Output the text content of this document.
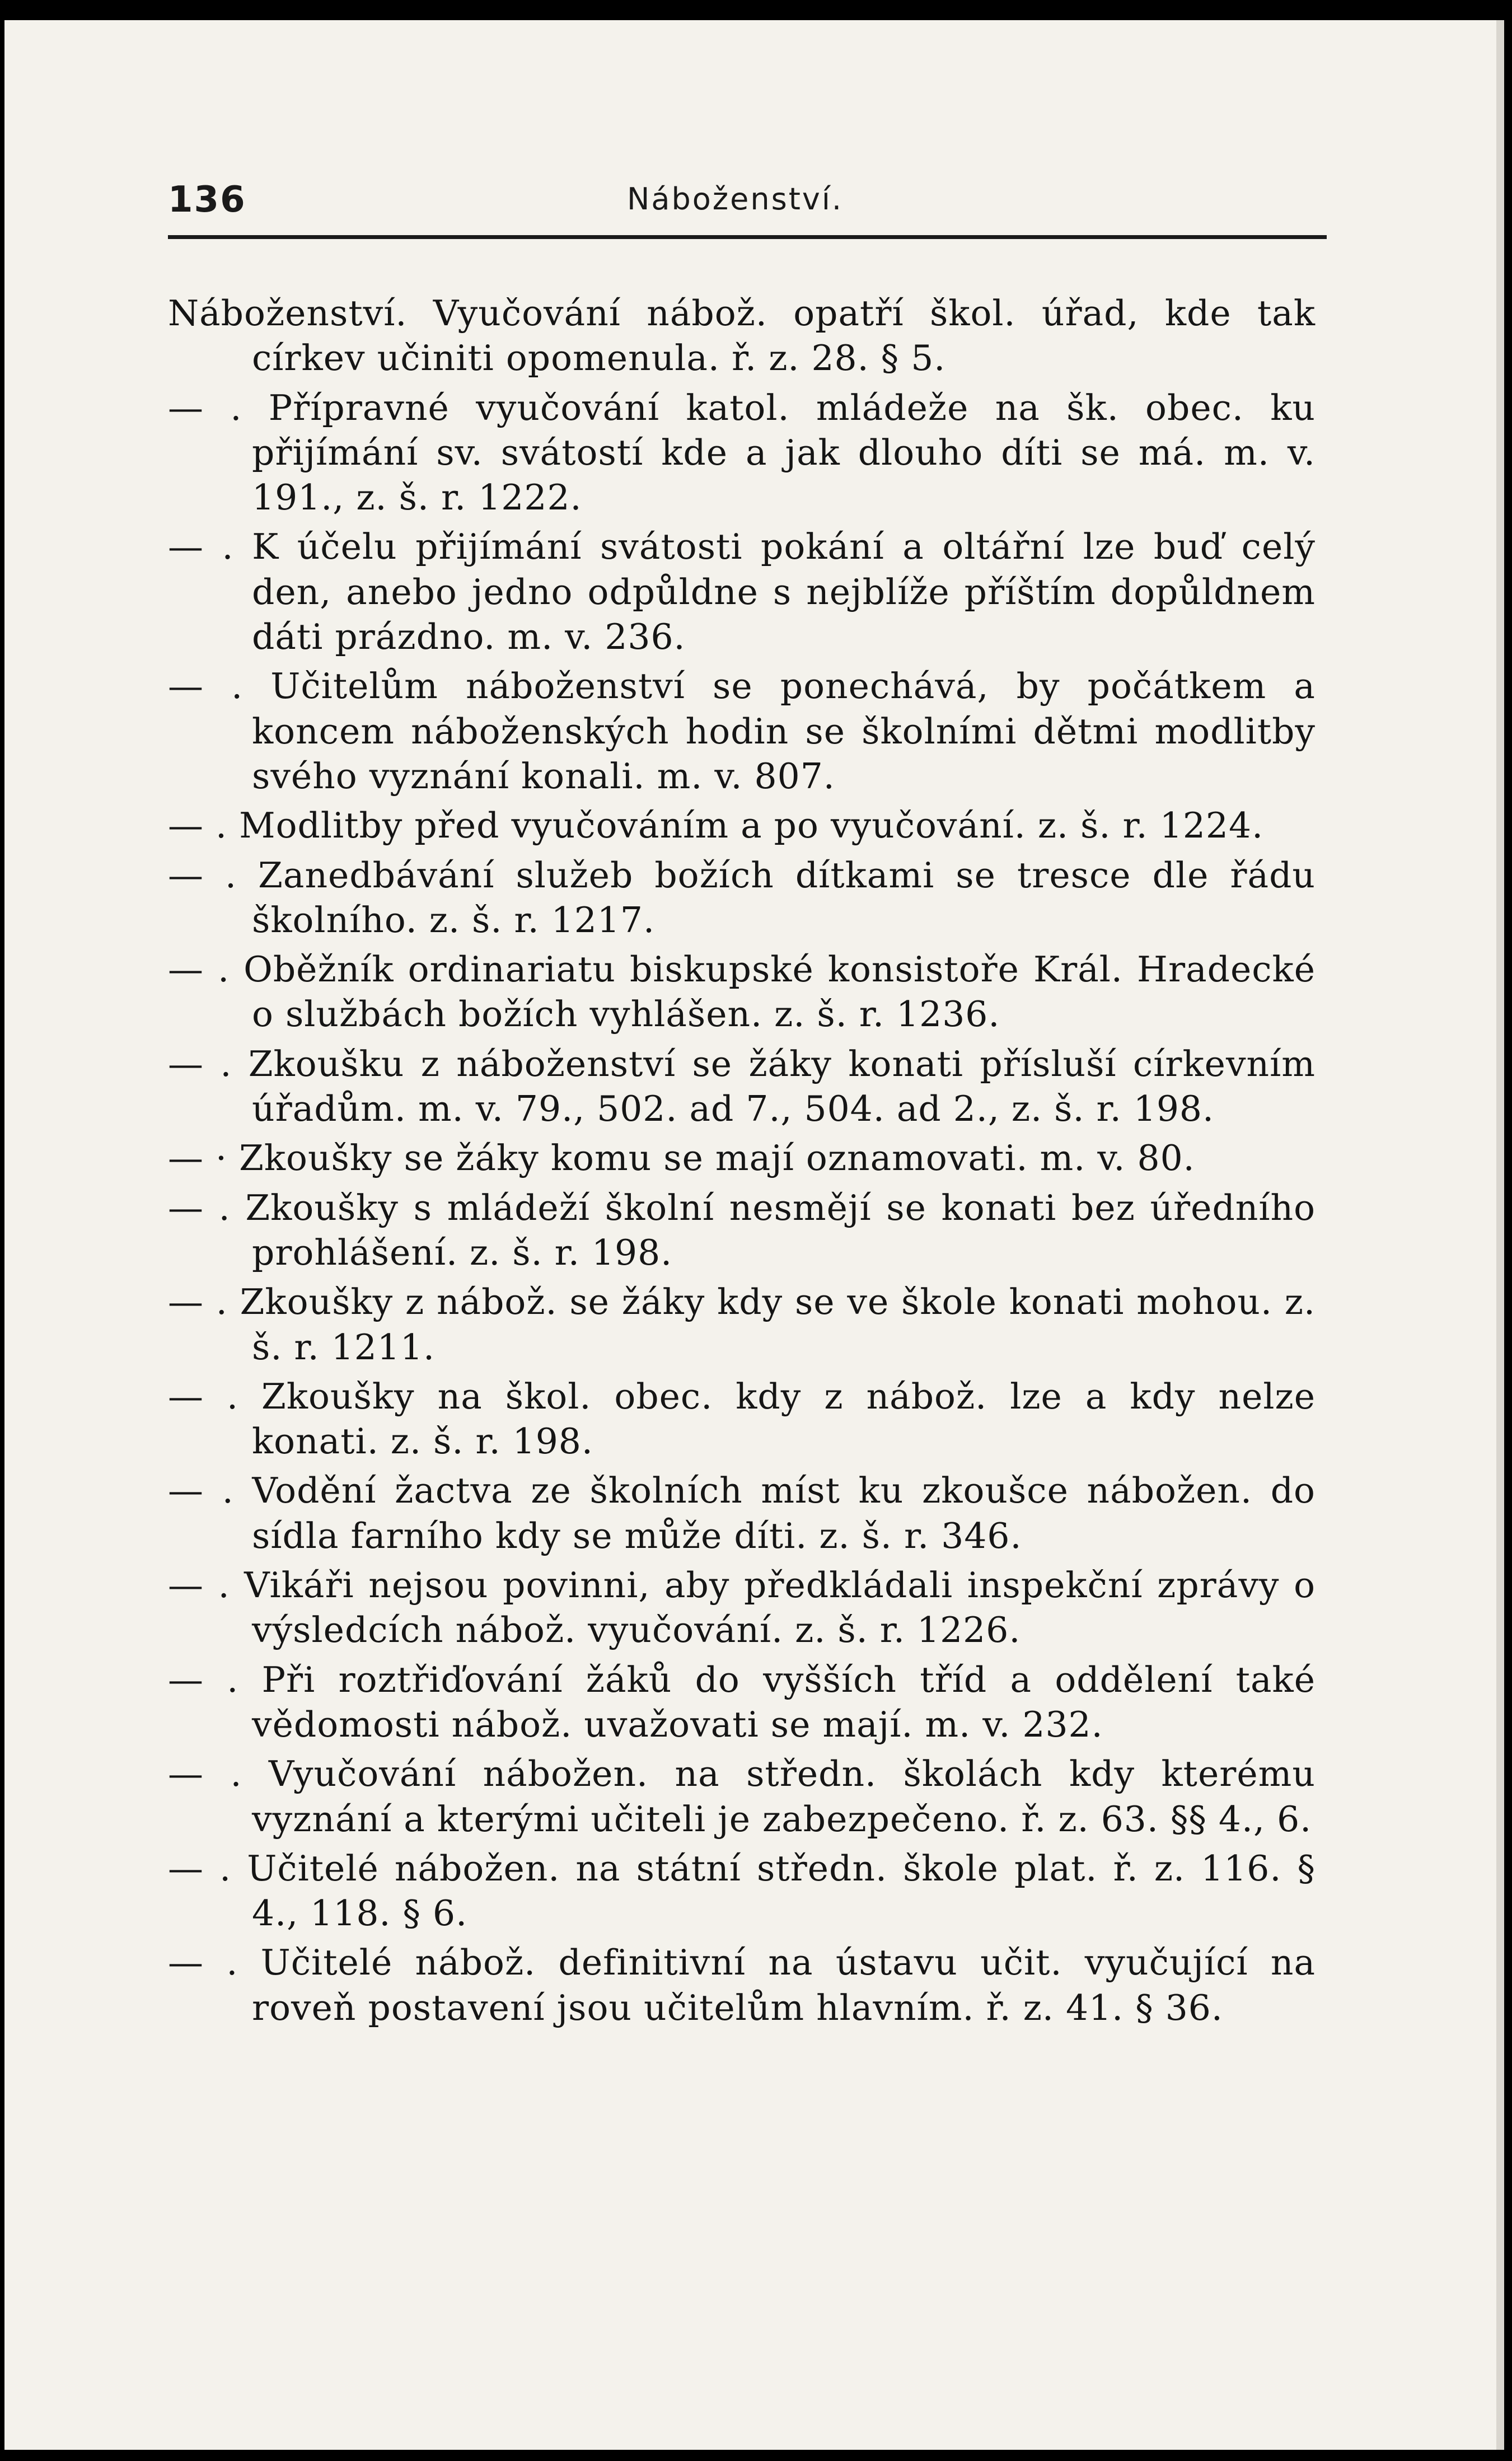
136	Náboženství.

Náboženství. Vyučování nábož. opatří škol. úřad, kde tak církev učiniti opomenula. ř. z. 28. § 5.

— . Přípravné vyučování katol. mládeže na šk. obec. ku přijímání sv. svátostí kde a jak dlouho díti se má. m. v. 191., z. š. r. 1222.

— . K účelu přijímání svátosti pokání a oltářní lze buď celý den, anebo jedno odpůldne s nejblíže příštím dopůldnem dáti prázdno. m. v. 236.

— . Učitelům náboženství se ponechává, by počátkem a koncem náboženských hodin se školními dětmi modlitby svého vyznání konali. m. v. 807.

— . Modlitby před vyučováním a po vyučování. z. š. r. 1224.

— . Zanedbávání služeb božích dítkami se tresce dle řádu školního. z. š. r. 1217.

— . Oběžník ordinariatu biskupské konsistoře Král. Hradecké o službách božích vyhlášen. z. š. r. 1236.

— . Zkoušku z náboženství se žáky konati přísluší církevním úřadům. m. v. 79., 502. ad 7., 504. ad 2., z. š. r. 198.

— · Zkoušky se žáky komu se mají oznamovati. m. v. 80.

— . Zkoušky s mládeží školní nesmějí se konati bez úředního prohlášení. z. š. r. 198.

— . Zkoušky z nábož. se žáky kdy se ve škole konati mohou. z. š. r. 1211.

— . Zkoušky na škol. obec. kdy z nábož. lze a kdy nelze konati. z. š. r. 198.

— . Vodění žactva ze školních míst ku zkoušce nábožen. do sídla farního kdy se může díti. z. š. r. 346.

— . Vikáři nejsou povinni, aby předkládali inspekční zprávy o výsledcích nábož. vyučování. z. š. r. 1226.

— . Při roztřiďování žáků do vyšších tříd a oddělení také vědomosti nábož. uvažovati se mají. m. v. 232.

— . Vyučování nábožen. na středn. školách kdy kterému vyznání a kterými učiteli je zabezpečeno. ř. z. 63. §§ 4., 6.

— . Učitelé nábožen. na státní středn. škole plat. ř. z. 116. § 4., 118. § 6.

— . Učitelé nábož. definitivní na ústavu učit. vyučující na roveň postavení jsou učitelům hlavním. ř. z. 41. § 36.
